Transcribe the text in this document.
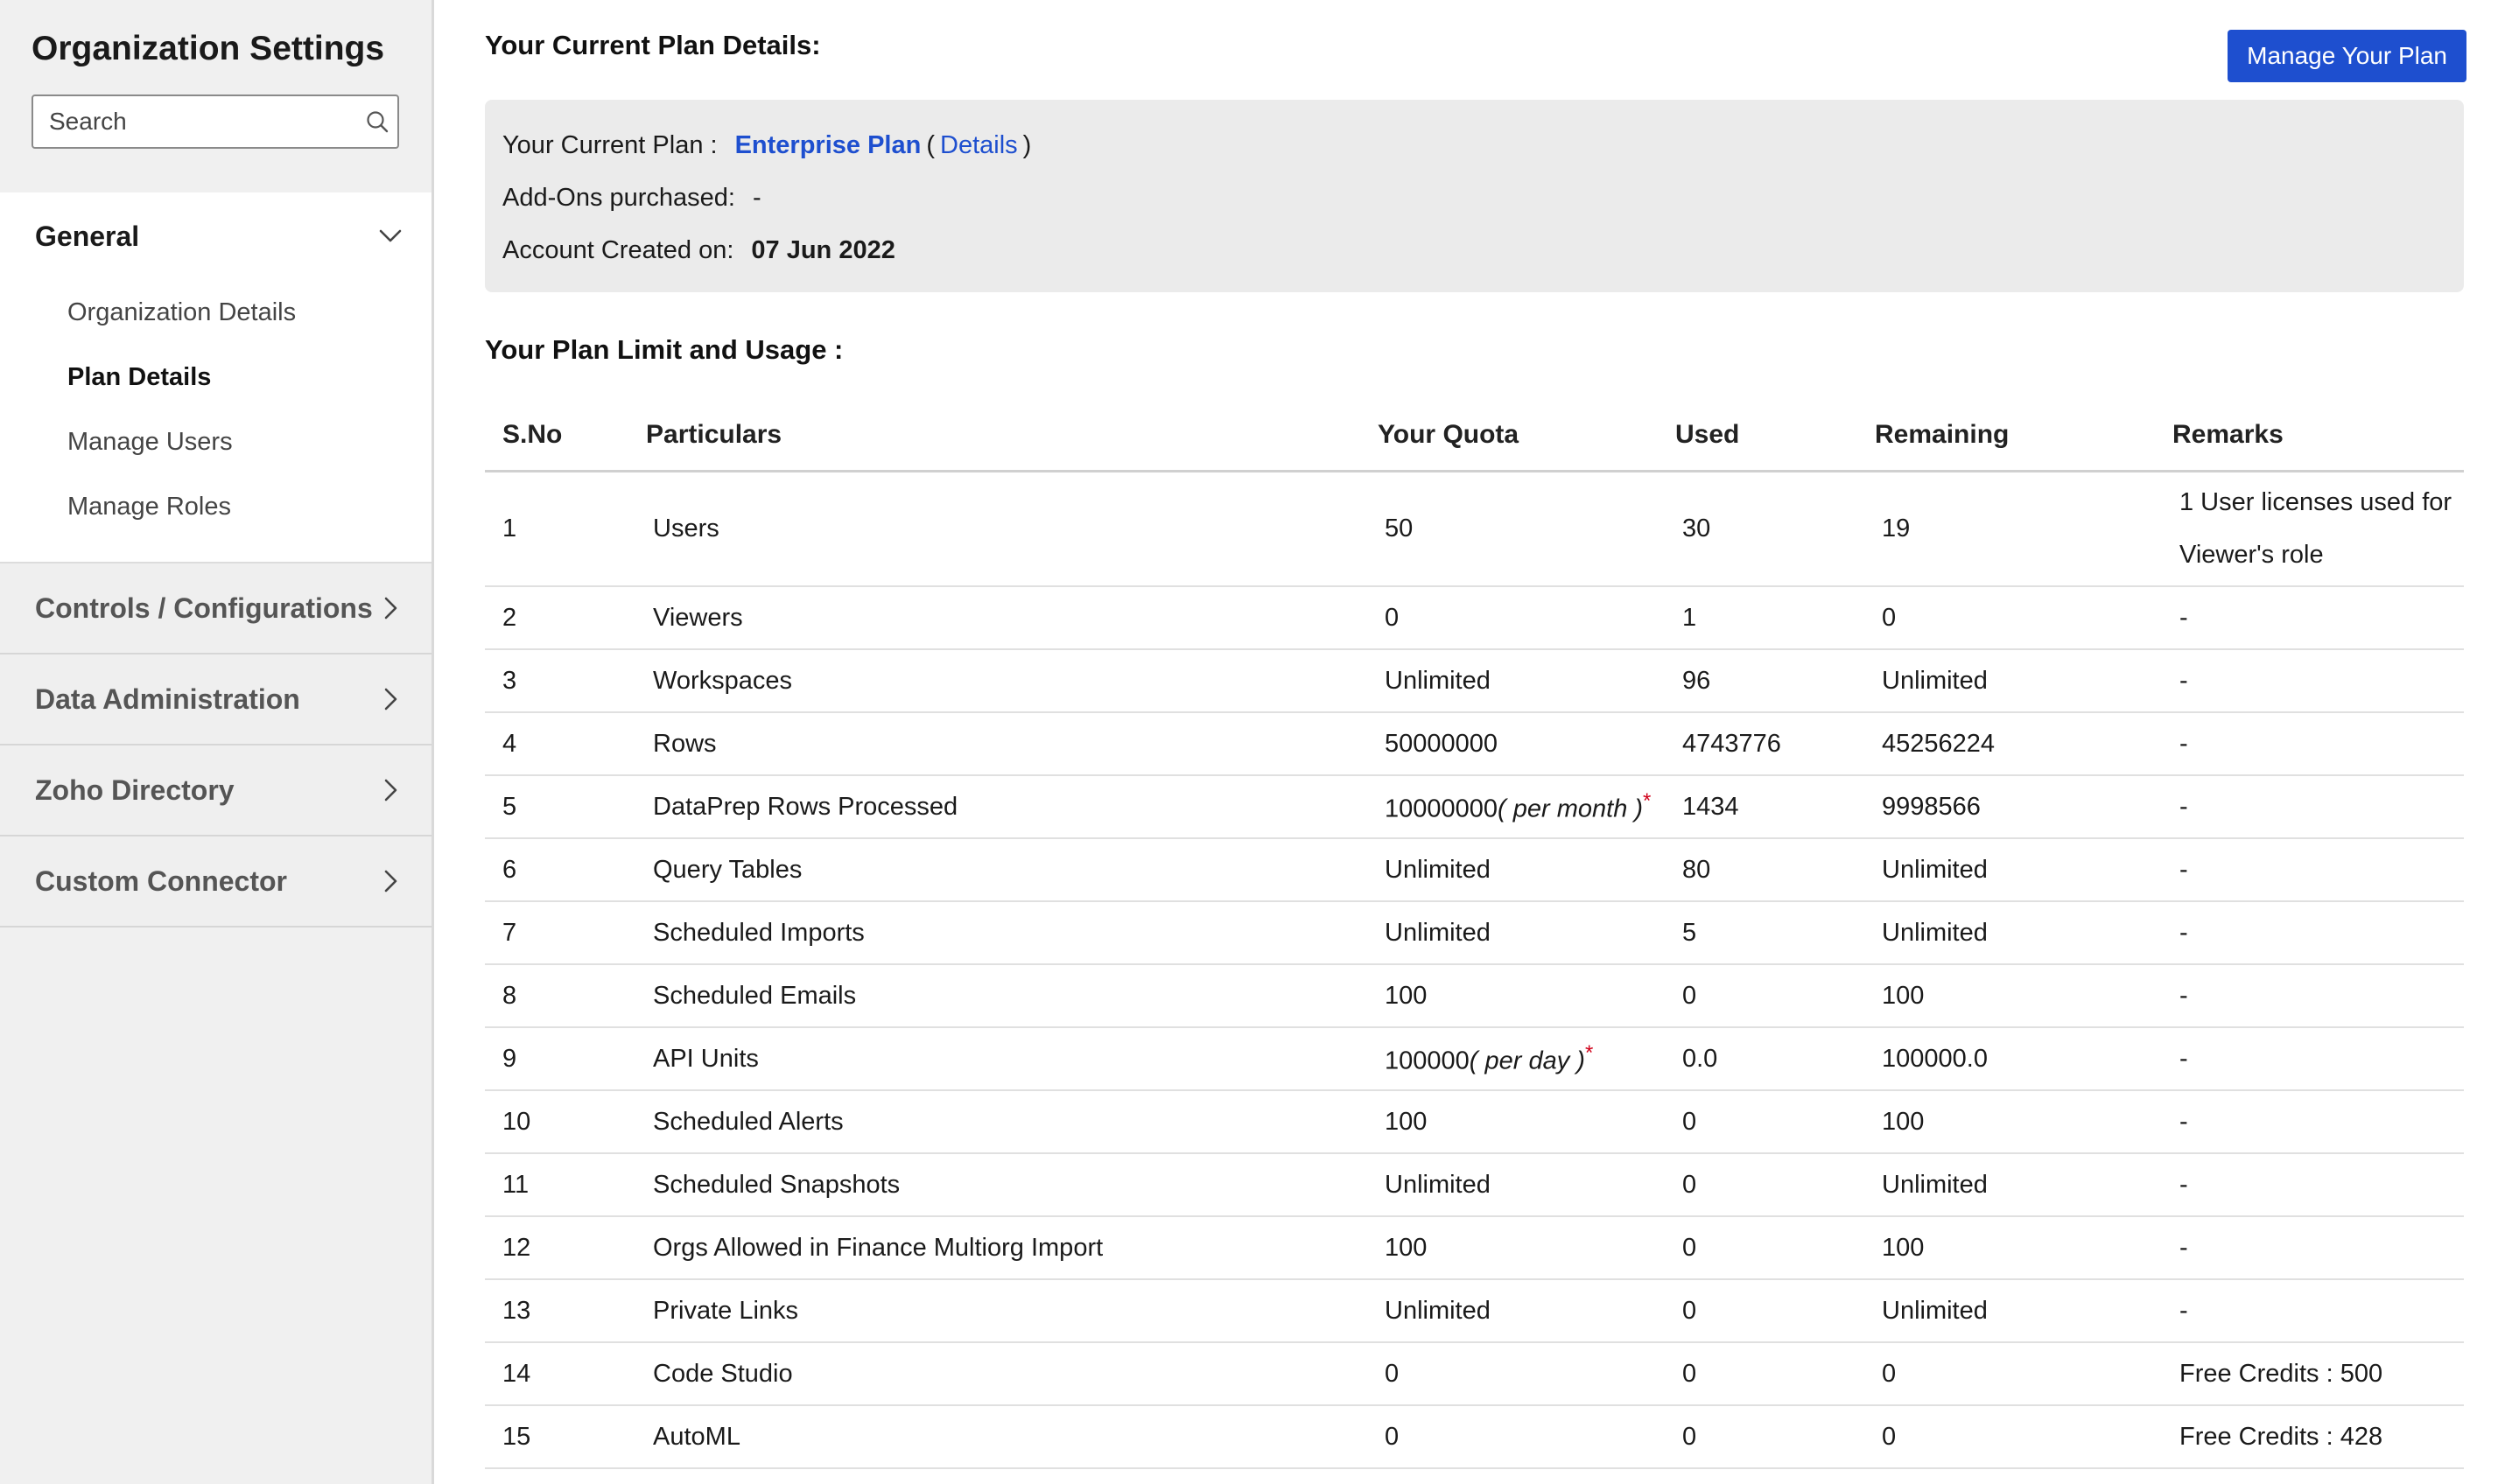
Organization Settings
Search
General
Organization Details
Plan Details
Manage Users
Manage Roles
Controls / Configurations
Data Administration
Zoho Directory
Custom Connector
Your Current Plan Details:	Manage Your Plan
Your Current Plan : Enterprise Plan ( Details )
Add-Ons purchased: -
Account Created on: 07 Jun 2022
Your Plan Limit and Usage :
S.No	Particulars	Your Quota	Used	Remaining	Remarks
1	Users	50	30	19	1 User licenses used for Viewer's role
2	Viewers	0	1	0	-
3	Workspaces	Unlimited	96	Unlimited	-
4	Rows	50000000	4743776	45256224	-
5	DataPrep Rows Processed	10000000( per month )*	1434	9998566	-
6	Query Tables	Unlimited	80	Unlimited	-
7	Scheduled Imports	Unlimited	5	Unlimited	-
8	Scheduled Emails	100	0	100	-
9	API Units	100000( per day )*	0.0	100000.0	-
10	Scheduled Alerts	100	0	100	-
11	Scheduled Snapshots	Unlimited	0	Unlimited	-
12	Orgs Allowed in Finance Multiorg Import	100	0	100	-
13	Private Links	Unlimited	0	Unlimited	-
14	Code Studio	0	0	0	Free Credits : 500
15	AutoML	0	0	0	Free Credits : 428
